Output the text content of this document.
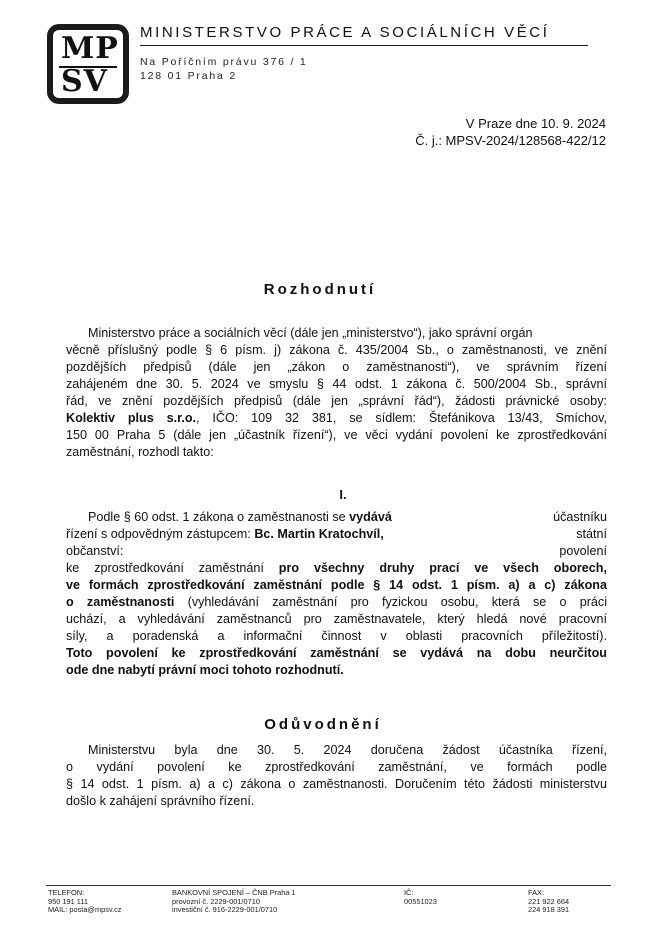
MP
SV
MINISTERSTVO PRÁCE A SOCIÁLNÍCH VĚCÍ
Na Poříčním právu 376 / 1
128 01 Praha 2
V Praze dne 10. 9. 2024
Č. j.: MPSV-2024/128568-422/12
Rozhodnutí
Ministerstvo práce a sociálních věcí (dále jen „ministerstvo“), jako správní orgán
věcně příslušný podle § 6 písm. j) zákona č. 435/2004 Sb., o zaměstnanosti, ve znění
pozdějších předpisů (dále jen „zákon o zaměstnanosti“), ve správním řízení
zahájeném dne 30. 5. 2024 ve smyslu § 44 odst. 1 zákona č. 500/2004 Sb., správní
řád, ve znění pozdějších předpisů (dále jen „správní řád“), žádosti právnické osoby:
Kolektiv plus s.r.o., IČO: 109 32 381, se sídlem: Štefánikova 13/43, Smíchov,
150 00 Praha 5 (dále jen „účastník řízení“), ve věci vydání povolení ke zprostředkování
zaměstnání, rozhodl takto:
I.
Podle § 60 odst. 1 zákona o zaměstnanosti se vydává	účastníku
řízení s odpovědným zástupcem: Bc. Martin Kratochvíl,	státní
občanství:	povolení
ke zprostředkování zaměstnání pro všechny druhy prací ve všech oborech,
ve formách zprostředkování zaměstnání podle § 14 odst. 1 písm. a) a c) zákona
o zaměstnanosti (vyhledávání zaměstnání pro fyzickou osobu, která se o práci
uchází, a vyhledávání zaměstnanců pro zaměstnavatele, který hledá nové pracovní
síly, a poradenská a informační činnost v oblasti pracovních příležitostí).
Toto povolení ke zprostředkování zaměstnání se vydává na dobu neurčitou
ode dne nabytí právní moci tohoto rozhodnutí.
Odůvodnění
Ministerstvu byla dne 30. 5. 2024 doručena žádost účastníka řízení,
o vydání povolení ke zprostředkování zaměstnání, ve formách podle
§ 14 odst. 1 písm. a) a c) zákona o zaměstnanosti. Doručením této žádosti ministerstvu
došlo k zahájení správního řízení.
TELEFON:
950 191 111
MAIL: posta@mpsv.cz
BANKOVNÍ SPOJENÍ – ČNB Praha 1
provozní č. 2229-001/0710
investiční č. 916-2229-001/0710
IČ:
00551023
FAX:
221 922 664
224 918 391
